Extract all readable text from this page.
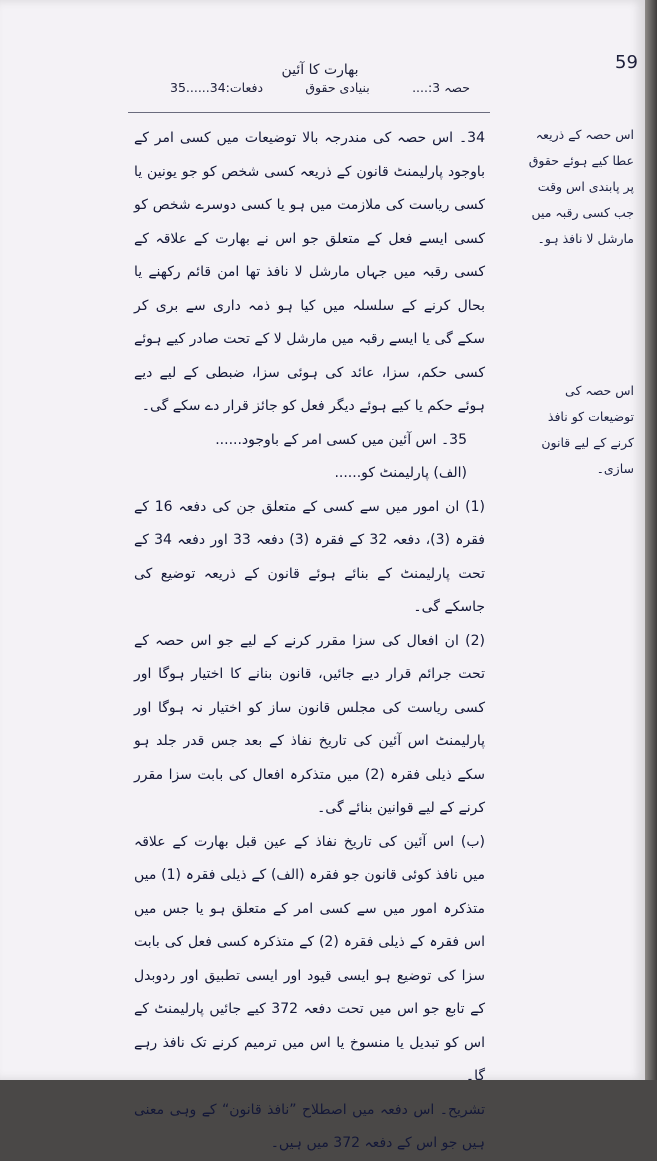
59
بھارت کا آئین
حصہ 3:....
بنیادی حقوق
دفعات:34......35
اس حصہ کے ذریعہ عطا کیے ہوئے حقوق پر پابندی اس وقت جب کسی رقبہ میں مارشل لا نافذ ہو۔
اس حصہ کی توضیعات کو نافذ کرنے کے لیے قانون سازی۔

34۔ اس حصہ کی مندرجہ بالا توضیعات میں کسی امر کے باوجود پارلیمنٹ قانون کے ذریعہ کسی شخص کو جو یونین یا کسی ریاست کی ملازمت میں ہو یا کسی دوسرے شخص کو کسی ایسے فعل کے متعلق جو اس نے بھارت کے علاقہ کے کسی رقبہ میں جہاں مارشل لا نافذ تھا امن قائم رکھنے یا بحال کرنے کے سلسلہ میں کیا ہو ذمہ داری سے بری کر سکے گی یا ایسے رقبہ میں مارشل لا کے تحت صادر کیے ہوئے کسی حکم، سزا، عائد کی ہوئی سزا، ضبطی کے لیے دیے ہوئے حکم یا کیے ہوئے دیگر فعل کو جائز قرار دے سکے گی۔

35۔ اس آئین میں کسی امر کے باوجود......

(الف) پارلیمنٹ کو......

(1) ان امور میں سے کسی کے متعلق جن کی دفعہ 16 کے فقرہ (3)، دفعہ 32 کے فقرہ (3) دفعہ 33 اور دفعہ 34 کے تحت پارلیمنٹ کے بنائے ہوئے قانون کے ذریعہ توضیع کی جاسکے گی۔

(2) ان افعال کی سزا مقرر کرنے کے لیے جو اس حصہ کے تحت جرائم قرار دیے جائیں، قانون بنانے کا اختیار ہوگا اور کسی ریاست کی مجلس قانون ساز کو اختیار نہ ہوگا اور پارلیمنٹ اس آئین کی تاریخ نفاذ کے بعد جس قدر جلد ہو سکے ذیلی فقرہ (2) میں متذکرہ افعال کی بابت سزا مقرر کرنے کے لیے قوانین بنائے گی۔

(ب) اس آئین کی تاریخ نفاذ کے عین قبل بھارت کے علاقہ میں نافذ کوئی قانون جو فقرہ (الف) کے ذیلی فقرہ (1) میں متذکرہ امور میں سے کسی امر کے متعلق ہو یا جس میں اس فقرہ کے ذیلی فقرہ (2) کے متذکرہ کسی فعل کی بابت سزا کی توضیع ہو ایسی قیود اور ایسی تطبیق اور ردوبدل کے تابع جو اس میں تحت دفعہ 372 کیے جائیں پارلیمنٹ کے اس کو تبدیل یا منسوخ یا اس میں ترمیم کرنے تک نافذ رہے گا۔

تشریح۔ اس دفعہ میں اصطلاح ”نافذ قانون“ کے وہی معنی ہیں جو اس کے دفعہ 372 میں ہیں۔
